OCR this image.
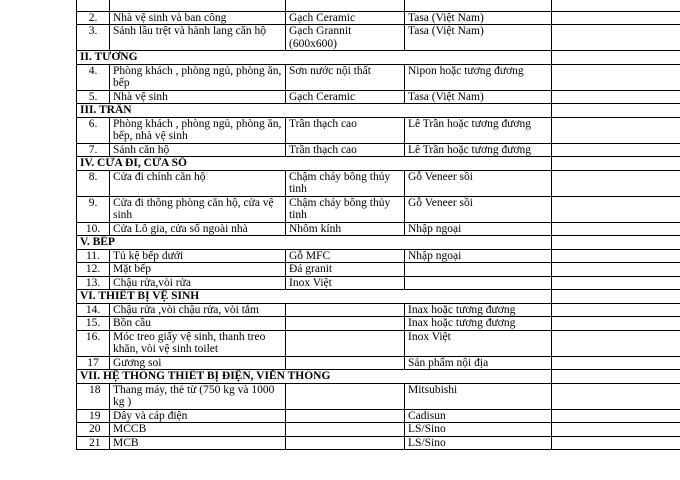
2.	Nhà vệ sinh và ban công	Gạch Ceramic	Tasa (Việt Nam)	
3.	Sảnh lầu trệt và hành lang căn hộ	Gạch Grannit (600x600)	Tasa (Việt Nam)	
II. TƯỜNG				
4.	Phòng khách , phòng ngủ, phòng ăn, bếp	Sơn nước nội thất	Nipon hoặc tương đương	
5.	Nhà vệ sinh	Gạch Ceramic	Tasa (Việt Nam)	
III. TRẦN				
6.	Phòng khách , phòng ngủ, phòng ăn, bếp, nhà vệ sinh	Trần thạch cao	Lê Trần hoặc tương đương	
7.	Sảnh căn hộ	Trần thạch cao	Lê Trần hoặc tương đương	
IV. CỬA ĐI, CỬA SỔ				
8.	Cửa đi chính căn hộ	Chậm cháy bông thủy tinh	Gỗ Veneer sồi	
9.	Cửa đi thông phòng căn hộ, cửa vệ sinh	Chậm cháy bông thủy tinh	Gỗ Veneer sồi	
10.	Cửa Lô gia, cửa sổ ngoài nhà	Nhôm kính	Nhập ngoại	
V. BẾP				
11.	Tủ kệ bếp dưới	Gỗ MFC	Nhập ngoại	
12.	Mặt bếp	Đá granit		
13.	Chậu rửa,vòi rửa	Inox Việt		
VI. THIẾT BỊ VỆ SINH				
14.	Chậu rửa ,vòi chậu rửa, vòi tắm		Inax hoặc tương đương	
15.	Bồn cầu		Inax hoặc tương đương	
16.	Móc treo giấy vệ sinh, thanh treo khăn, vòi vệ sinh toilet		Inox Việt	
17	Gương soi		Sản phẩm nội địa	
VII. HỆ THỐNG THIẾT BỊ ĐIỆN, VIỄN THÔNG				
18	Thang máy, thẻ từ (750 kg và 1000 kg )		Mitsubishi	
19	Dây và cáp điện		Cadisun	
20	MCCB		LS/Sino	
21	MCB		LS/Sino	
